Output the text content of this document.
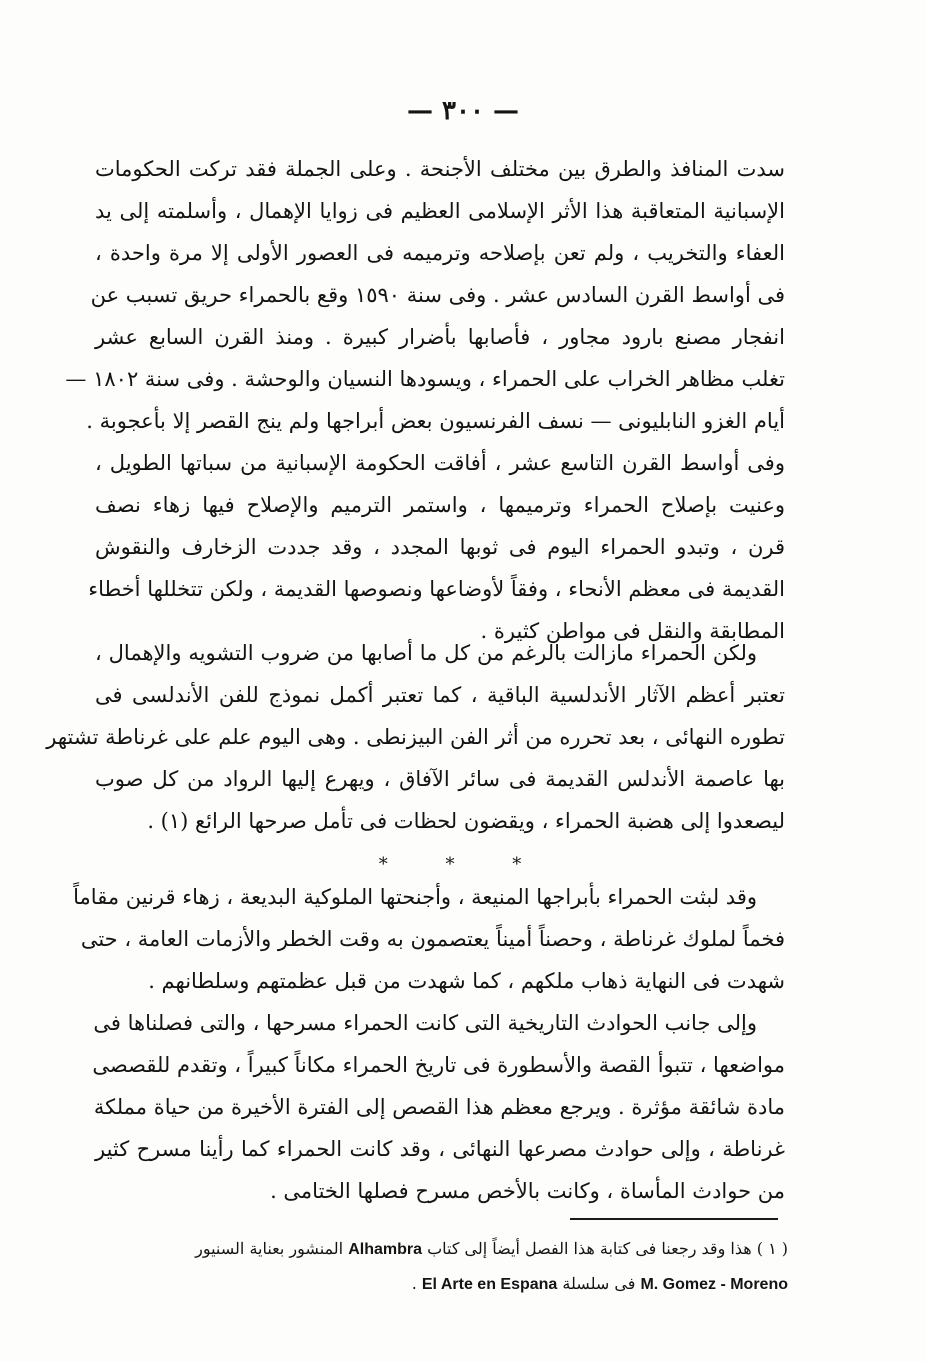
— ٣٠٠ —
سدت المنافذ والطرق بين مختلف الأجنحة . وعلى الجملة فقد تركت الحكومات
الإسبانية المتعاقبة هذا الأثر الإسلامى العظيم فى زوايا الإهمال ، وأسلمته إلى يد
العفاء والتخريب ، ولم تعن بإصلاحه وترميمه فى العصور الأولى إلا مرة واحدة ،
فى أواسط القرن السادس عشر . وفى سنة ١٥٩٠ وقع بالحمراء حريق تسبب عن
انفجار مصنع بارود مجاور ، فأصابها بأضرار كبيرة . ومنذ القرن السابع عشر
تغلب مظاهر الخراب على الحمراء ، ويسودها النسيان والوحشة . وفى سنة ١٨٠٢ —
أيام الغزو النابليونى — نسف الفرنسيون بعض أبراجها ولم ينج القصر إلا بأعجوبة .
وفى أواسط القرن التاسع عشر ، أفاقت الحكومة الإسبانية من سباتها الطويل ،
وعنيت بإصلاح الحمراء وترميمها ، واستمر الترميم والإصلاح فيها زهاء نصف
قرن ، وتبدو الحمراء اليوم فى ثوبها المجدد ، وقد جددت الزخارف والنقوش
القديمة فى معظم الأنحاء ، وفقاً لأوضاعها ونصوصها القديمة ، ولكن تتخللها أخطاء
المطابقة والنقل فى مواطن كثيرة .
ولكن الحمراء مازالت بالرغم من كل ما أصابها من ضروب التشويه والإهمال ،
تعتبر أعظم الآثار الأندلسية الباقية ، كما تعتبر أكمل نموذج للفن الأندلسى فى
تطوره النهائى ، بعد تحرره من أثر الفن البيزنطى . وهى اليوم علم على غرناطة تشتهر
بها عاصمة الأندلس القديمة فى سائر الآفاق ، ويهرع إليها الرواد من كل صوب
ليصعدوا إلى هضبة الحمراء ، ويقضون لحظات فى تأمل صرحها الرائع (١) .
* * *
وقد لبثت الحمراء بأبراجها المنيعة ، وأجنحتها الملوكية البديعة ، زهاء قرنين مقاماً
فخماً لملوك غرناطة ، وحصناً أميناً يعتصمون به وقت الخطر والأزمات العامة ، حتى
شهدت فى النهاية ذهاب ملكهم ، كما شهدت من قبل عظمتهم وسلطانهم .
وإلى جانب الحوادث التاريخية التى كانت الحمراء مسرحها ، والتى فصلناها فى
مواضعها ، تتبوأ القصة والأسطورة فى تاريخ الحمراء مكاناً كبيراً ، وتقدم للقصصى
مادة شائقة مؤثرة . ويرجع معظم هذا القصص إلى الفترة الأخيرة من حياة مملكة
غرناطة ، وإلى حوادث مصرعها النهائى ، وقد كانت الحمراء كما رأينا مسرح كثير
من حوادث المأساة ، وكانت بالأخص مسرح فصلها الختامى .
( ١ ) هذا وقد رجعنا فى كتابة هذا الفصل أيضاً إلى كتاب Alhambra المنشور بعناية السنيور
M. Gomez - Moreno فى سلسلة El Arte en Espana .
